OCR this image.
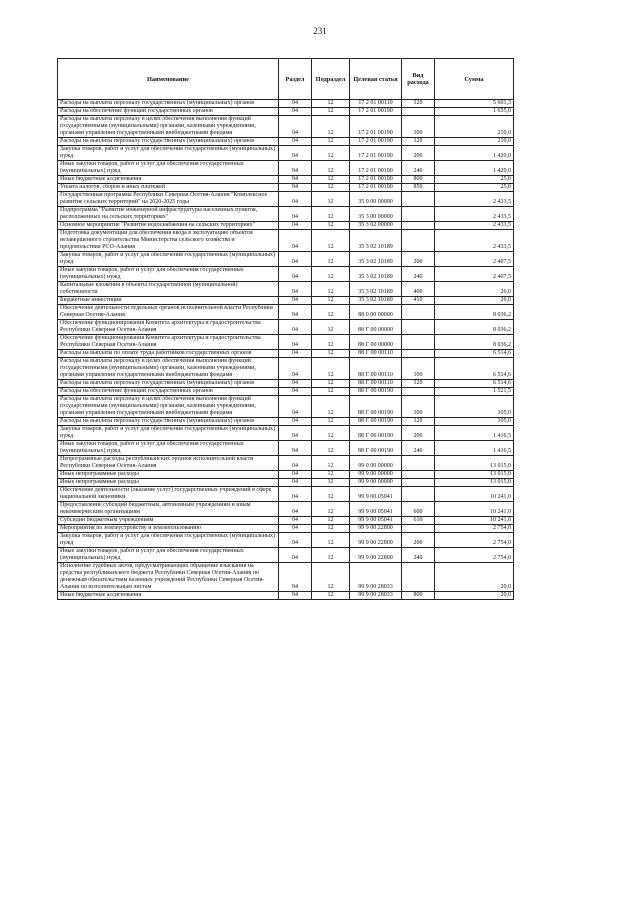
231
Наименование	Раздел	Подраздел	Целевая статья	Вид расхода	Сумма
Расходы на выплаты персоналу государственных (муниципальных) органов	04	12	17 2 01 00110	120	5 601,3
Расходы на обеспечение функций государственных органов	04	12	17 2 01 00190		1 655,0
Расходы на выплаты персоналу в целях обеспечения выполнения функций государственными (муниципальными) органами, казенными учреждениями, органами управления государственными внебюджетными фондами	04	12	17 2 01 00190	100	210,0
Расходы на выплаты персоналу государственных (муниципальных) органов	04	12	17 2 01 00190	120	210,0
Закупка товаров, работ и услуг для обеспечения государственных (муниципальных) нужд	04	12	17 2 01 00190	200	1 420,0
Иные закупки товаров, работ и услуг для обеспечения государственных (муниципальных) нужд	04	12	17 2 01 00190	240	1 420,0
Иные бюджетные ассигнования	04	12	17 2 01 00190	800	25,0
Уплата налогов, сборов и иных платежей	04	12	17 2 01 00190	850	25,0
Государственная программа Республики Северная Осетия-Алания "Комплексное развитие сельских территорий" на 2020-2025 годы	04	12	35 0 00 00000		2 433,5
Подпрограмма "Развитие инженерной инфраструктуры населенных пунктов, расположенных на сельских территориях"	04	12	35 3 00 00000		2 433,5
Основное мероприятие "Развитие водоснабжения на сельских территориях"	04	12	35 3 02 00000		2 433,5
Подготовка документации для обеспечения ввода в эксплуатацию объектов незавершенного строительства Министерства сельского хозяйства и продовольствия РСО-Алания	04	12	35 3 02 10189		2 433,5
Закупка товаров, работ и услуг для обеспечения государственных (муниципальных) нужд	04	12	35 3 02 10189	200	2 407,5
Иные закупки товаров, работ и услуг для обеспечения государственных (муниципальных) нужд	04	12	35 3 02 10189	240	2 407,5
Капитальные вложения в объекты государственной (муниципальной) собственности	04	12	35 3 02 10189	400	26,0
Бюджетные инвестиции	04	12	35 3 02 10189	410	26,0
Обеспечение деятельности отдельных органов исполнительной власти Республики Северная Осетия-Алания	04	12	88 0 00 00000		8 036,2
Обеспечение функционирования Комитета архитектуры и градостроительства Республики Северная Осетия-Алания	04	12	88 Г 00 00000		8 036,2
Обеспечение функционирования Комитета архитектуры и градостроительства Республики Северная Осетия-Алания	04	12	88 Г 00 00000		8 036,2
Расходы на выплаты по оплате труда работников государственных органов	04	12	88 Г 00 00110		6 514,6
Расходы на выплаты персоналу в целях обеспечения выполнения функций государственными (муниципальными) органами, казенными учреждениями, органами управления государственными внебюджетными фондами	04	12	88 Г 00 00110	100	6 514,6
Расходы на выплаты персоналу государственных (муниципальных) органов	04	12	88 Г 00 00110	120	6 514,6
Расходы на обеспечение функций государственных органов	04	12	88 Г 00 00190		1 521,5
Расходы на выплаты персоналу в целях обеспечения выполнения функций государственными (муниципальными) органами, казенными учреждениями, органами управления государственными внебюджетными фондами	04	12	88 Г 00 00190	100	105,0
Расходы на выплаты персоналу государственных (муниципальных) органов	04	12	88 Г 00 00190	120	105,0
Закупка товаров, работ и услуг для обеспечения государственных (муниципальных) нужд	04	12	88 Г 00 00190	200	1 416,5
Иные закупки товаров, работ и услуг для обеспечения государственных (муниципальных) нужд	04	12	88 Г 00 00190	240	1 416,5
Непрограммные расходы республиканских органов исполнительной власти Республики Северная Осетия-Алания	04	12	99 0 00 00000		13 015,0
Иные непрограммные расходы	04	12	99 9 00 00000		13 015,0
Иные непрограммные расходы	04	12	99 9 00 00000		13 015,0
Обеспечение деятельности (оказание услуг) государственных учреждений в сфере национальной экономики	04	12	99 9 00 05041		10 241,0
Предоставление субсидий бюджетным, автономным учреждениям и иным некоммерческим организациям	04	12	99 9 00 05041	600	10 241,0
Субсидии бюджетным учреждениям	04	12	99 9 00 05041	610	10 241,0
Мероприятия по землеустройству и землепользованию	04	12	99 9 00 22800		2 754,0
Закупка товаров, работ и услуг для обеспечения государственных (муниципальных) нужд	04	12	99 9 00 22800	200	2 754,0
Иные закупки товаров, работ и услуг для обеспечения государственных (муниципальных) нужд	04	12	99 9 00 22800	240	2 754,0
Исполнение судебных актов, предусматривающих обращение взыскания на средства республиканского бюджета Республики Северная Осетия-Алания по денежным обязательствам казенных учреждений Республики Северная Осетия-Алания по исполнительным листам	04	12	99 9 00 28033		20,0
Иные бюджетные ассигнования	04	12	99 9 00 28033	800	20,0
